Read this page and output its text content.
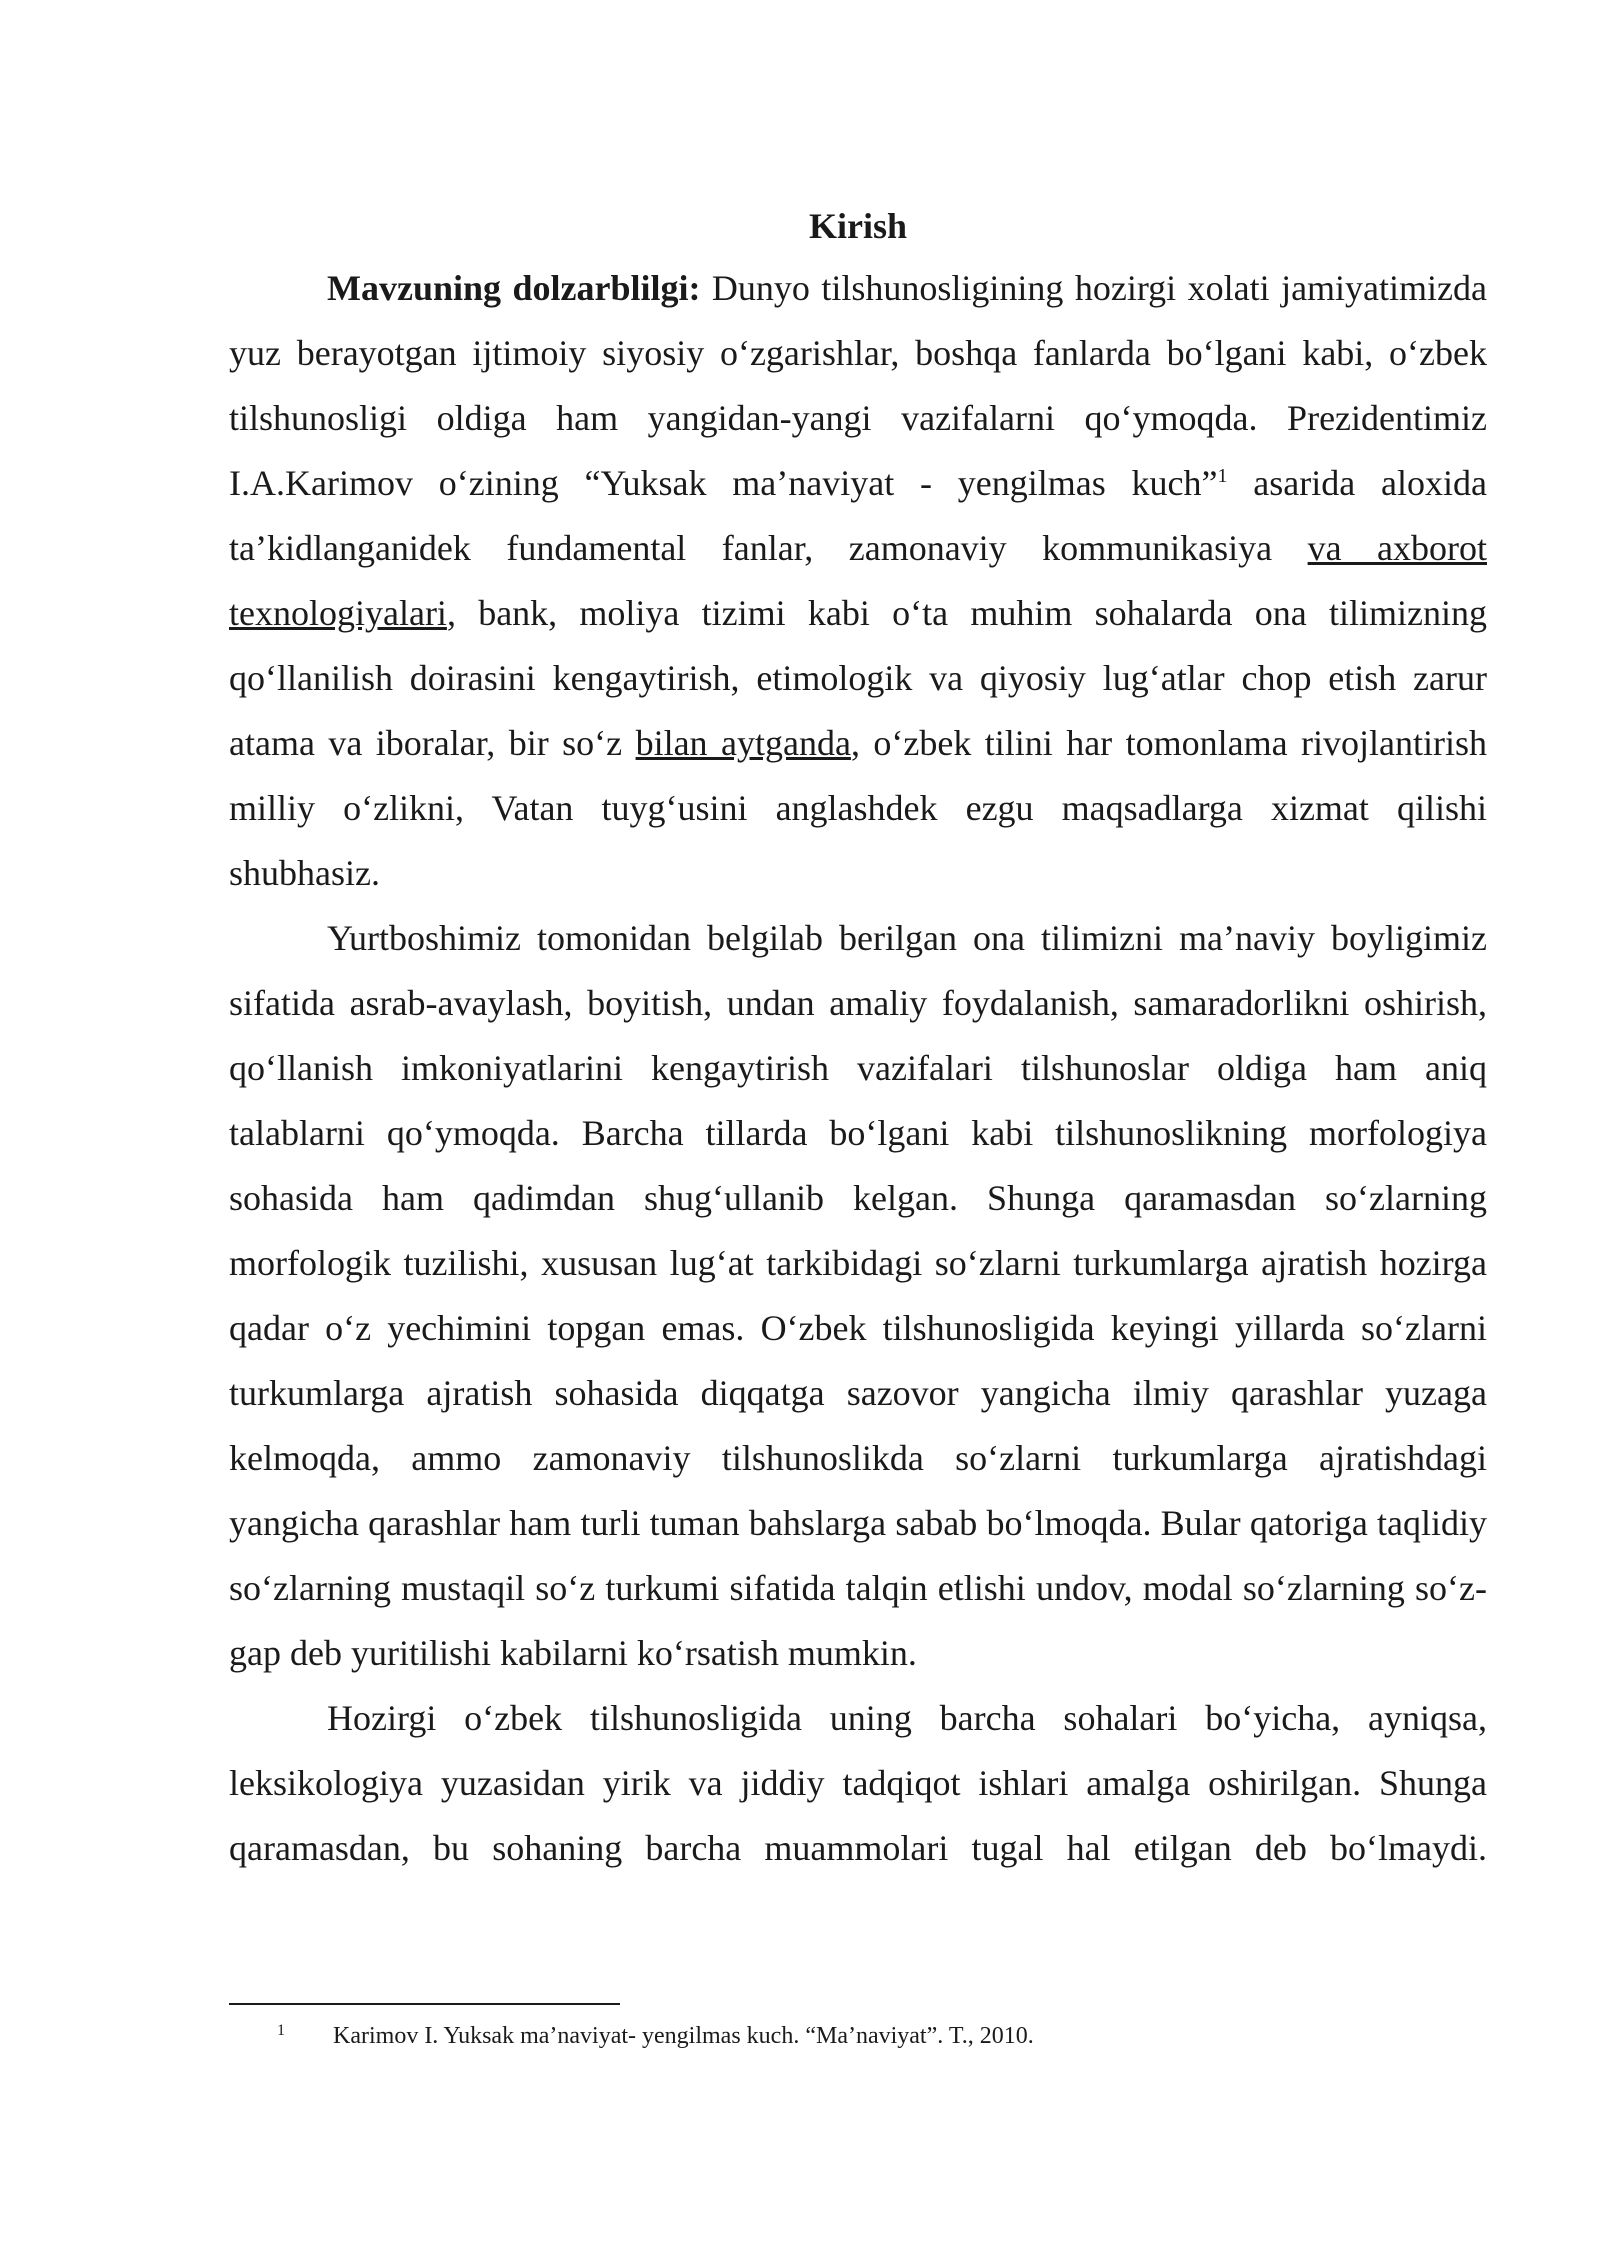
Kirish

Mavzuning dolzarblilgi: Dunyo tilshunosligining hozirgi xolati jamiyatimizda yuz berayotgan ijtimoiy siyosiy o‘zgarishlar, boshqa fanlarda bo‘lgani kabi, o‘zbek tilshunosligi oldiga ham yangidan-yangi vazifalarni qo‘ymoqda. Prezidentimiz I.A.Karimov o‘zining “Yuksak ma’naviyat - yengilmas kuch”$^1$ asarida aloxida ta’kidlanganidek fundamental fanlar, zamonaviy kommunikasiya va axborot texnologiyalari, bank, moliya tizimi kabi o‘ta muhim sohalarda ona tilimizning qo‘llanilish doirasini kengaytirish, etimologik va qiyosiy lug‘atlar chop etish zarur atama va iboralar, bir so‘z bilan aytganda, o‘zbek tilini har tomonlama rivojlantirish milliy o‘zlikni, Vatan tuyg‘usini anglashdek ezgu maqsadlarga xizmat qilishi shubhasiz.

Yurtboshimiz tomonidan belgilab berilgan ona tilimizni ma’naviy boyligimiz sifatida asrab-avaylash, boyitish, undan amaliy foydalanish, samaradorlikni oshirish, qo‘llanish imkoniyatlarini kengaytirish vazifalari tilshunoslar oldiga ham aniq talablarni qo‘ymoqda. Barcha tillarda bo‘lgani kabi tilshunoslikning morfologiya sohasida ham qadimdan shug‘ullanib kelgan. Shunga qaramasdan so‘zlarning morfologik tuzilishi, xususan lug‘at tarkibidagi so‘zlarni turkumlarga ajratish hozirga qadar o‘z yechimini topgan emas. O‘zbek tilshunosligida keyingi yillarda so‘zlarni turkumlarga ajratish sohasida diqqatga sazovor yangicha ilmiy qarashlar yuzaga kelmoqda, ammo zamonaviy tilshunoslikda so‘zlarni turkumlarga ajratishdagi yangicha qarashlar ham turli tuman bahslarga sabab bo‘lmoqda. Bular qatoriga taqlidiy so‘zlarning mustaqil so‘z turkumi sifatida talqin etlishi undov, modal so‘zlarning so‘z-gap deb yuritilishi kabilarni ko‘rsatish mumkin.

Hozirgi o‘zbek tilshunosligida uning barcha sohalari bo‘yicha, ayniqsa, leksikologiya yuzasidan yirik va jiddiy tadqiqot ishlari amalga oshirilgan. Shunga qaramasdan, bu sohaning barcha muammolari tugal hal etilgan deb bo‘lmaydi.

1 Karimov I. Yuksak ma’naviyat- yengilmas kuch. “Ma’naviyat”. T., 2010.
